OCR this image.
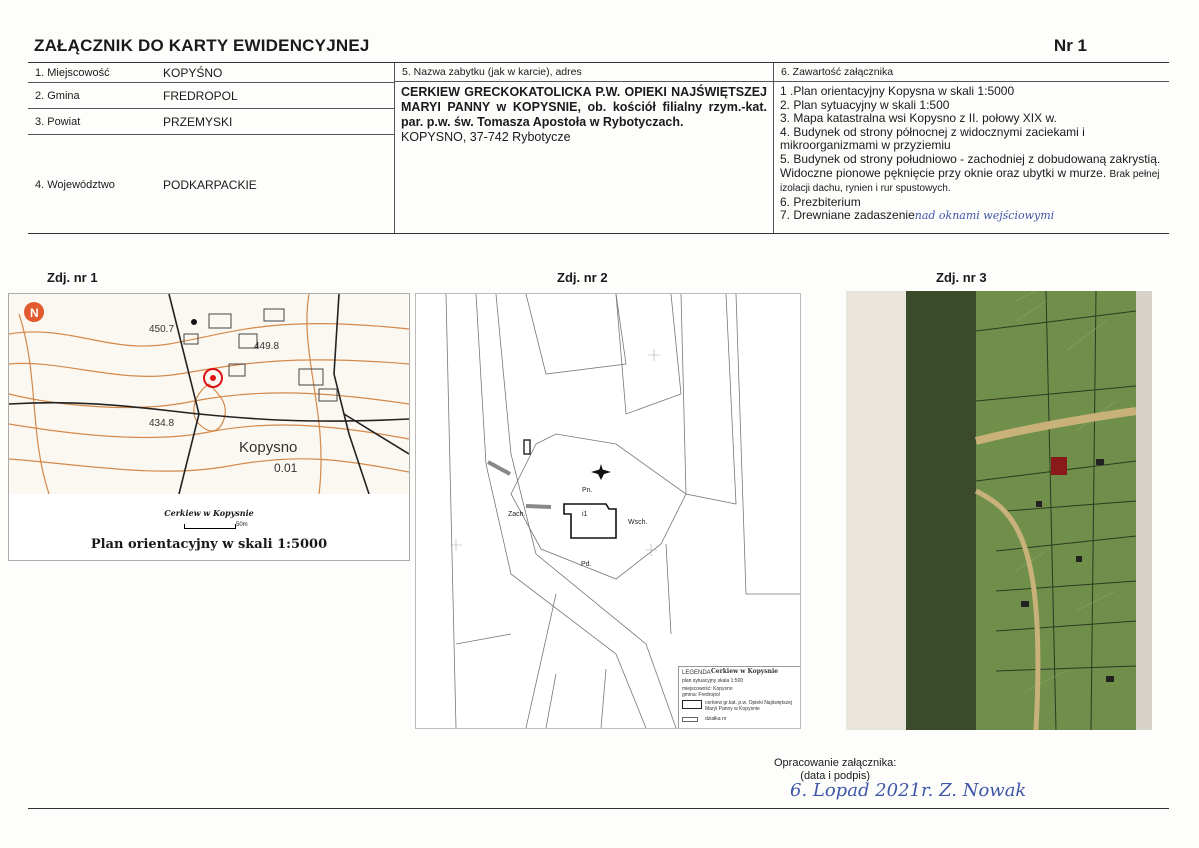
ZAŁĄCZNIK DO KARTY EWIDENCYJNEJ	Nr 1
1. Miejscowość	KOPYŚNO
2. Gmina	FREDROPOL
3. Powiat	PRZEMYSKI
4. Województwo	PODKARPACKIE
5. Nazwa zabytku (jak w karcie), adres
CERKIEW GRECKOKATOLICKA P.W. OPIEKI NAJŚWIĘTSZEJ MARYI PANNY w KOPYSNIE, ob. kościół filialny rzym.-kat. par. p.w. św. Tomasza Apostoła w Rybotyczach.
KOPYSNO, 37-742 Rybotycze
6. Zawartość załącznika
1 .Plan orientacyjny Kopysna w skali 1:5000
2. Plan sytuacyjny w skali 1:500
3. Mapa katastralna wsi Kopysno z II. połowy XIX w.
4. Budynek od strony północnej z widocznymi zaciekami i mikroorganizmami w przyziemiu
5. Budynek od strony południowo - zachodniej z dobudowaną zakrystią. Widoczne pionowe pęknięcie przy oknie oraz ubytki w murze. Brak pełnej izolacji dachu, rynien i rur spustowych.
6. Prezbiterium
7. Drewniane zadaszenienad oknami wejściowymi
Zdj. nr 1
N
450.7
449.8
434.8
Kopysno
0.01
Cerkiew w Kopysnie
50m
Plan orientacyjny w skali 1:5000
Zdj. nr 2
Pn.
Pd.
Zach.
Wsch.
i1
LEGENDA Cerkiew w Kopysnie
plan sytuacyjny skala 1:500
miejscowość: Kopysno
gmina: Fredropol
cerkiew gr.kat. p.w. Opieki Najświętszej Maryi Panny w Kopysnie
działka nr
Zdj. nr 3
Opracowanie załącznika:
(data i podpis)
6. Lopad 2021r. Z. Nowak
